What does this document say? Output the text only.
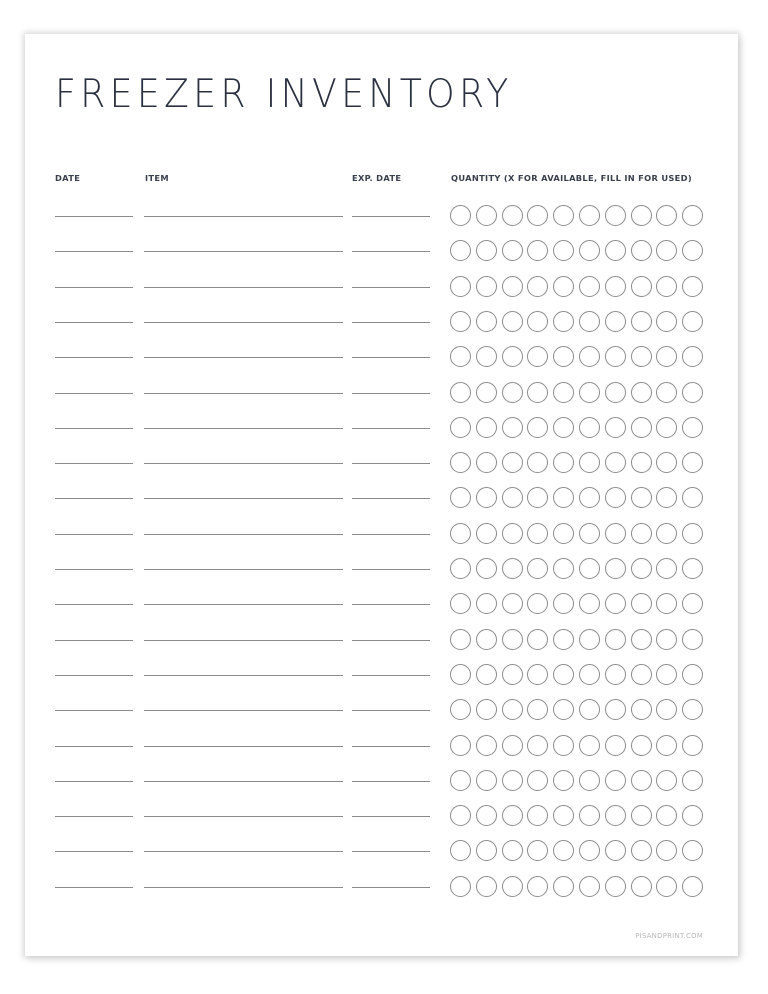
FREEZER INVENTORY
DATE	ITEM	EXP. DATE	QUANTITY (X FOR AVAILABLE, FILL IN FOR USED)
PISANDPRINT.COM
